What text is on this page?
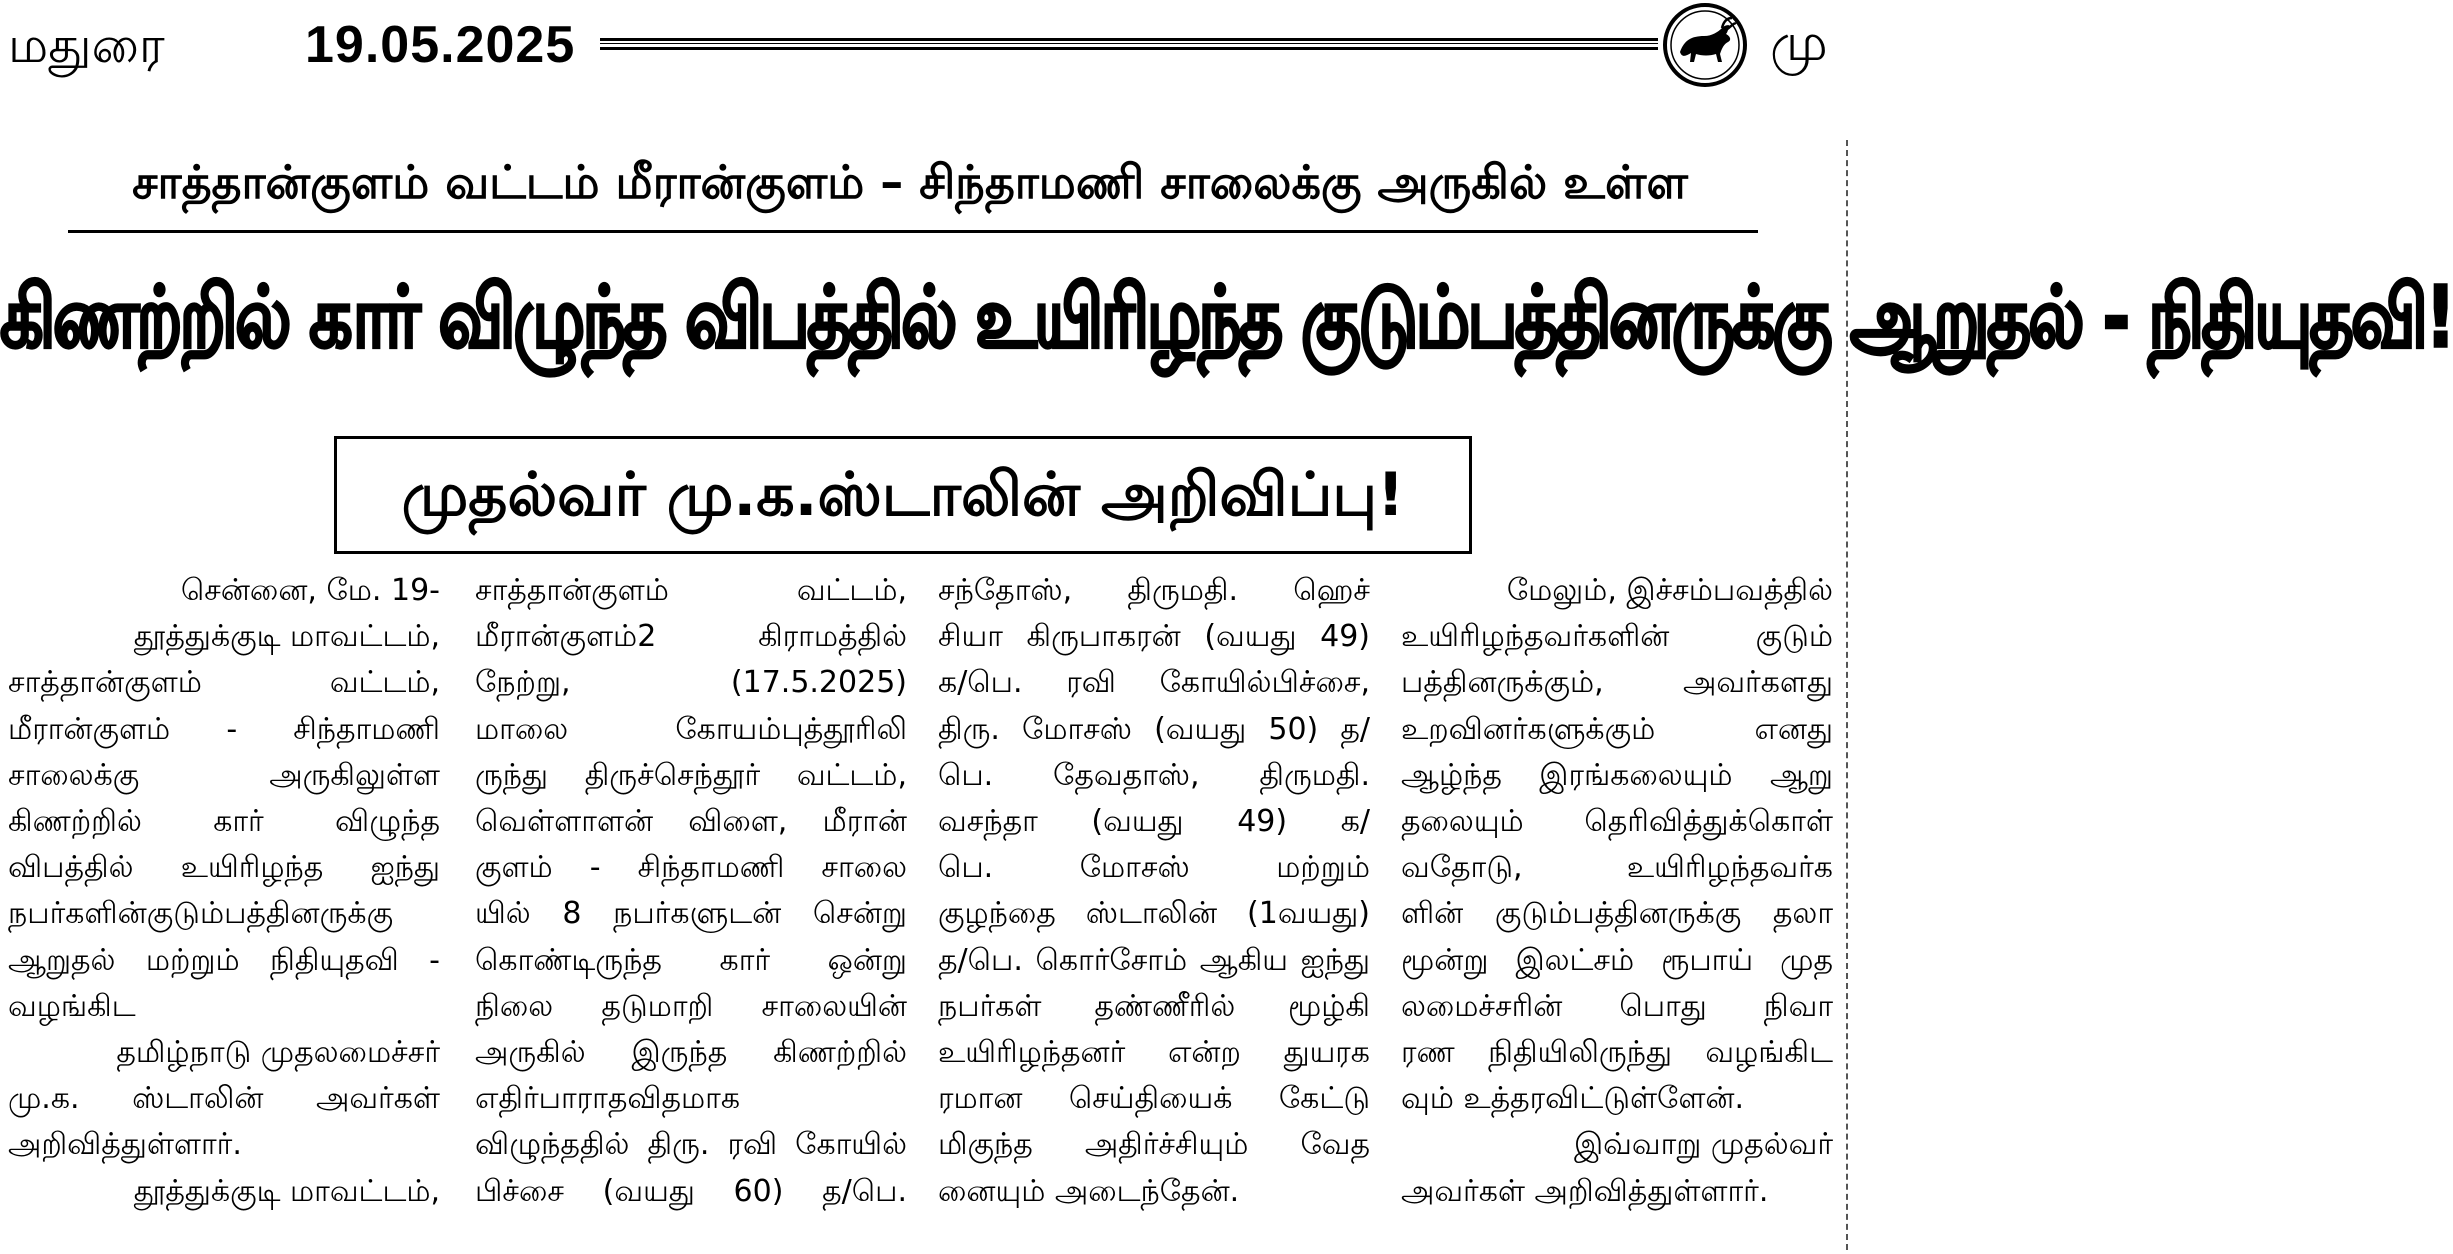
மதுரை	19.05.2025	மு
சாத்தான்குளம் வட்டம் மீரான்குளம் – சிந்தாமணி சாலைக்கு அருகில் உள்ள
கிணற்றில் கார் விழுந்த விபத்தில் உயிரிழந்த குடும்பத்தினருக்கு ஆறுதல் - நிதியுதவி!
முதல்வர் மு.க.ஸ்டாலின் அறிவிப்பு!

சென்னை, மே. 19-

தூத்துக்குடி மாவட்டம்,

சாத்தான்குளம் வட்டம்,

மீரான்குளம் - சிந்தாமணி

சாலைக்கு அருகிலுள்ள

கிணற்றில் கார் விழுந்த

விபத்தில் உயிரிழந்த ஐந்து

நபர்களின்குடும்பத்தினருக்கு

ஆறுதல் மற்றும் நிதியுதவி -

வழங்கிட

தமிழ்நாடு முதலமைச்சர்

மு.க. ஸ்டாலின் அவர்கள்

அறிவித்துள்ளார்.

தூத்துக்குடி மாவட்டம்,

சாத்தான்குளம் வட்டம்,

மீரான்குளம்2 கிராமத்தில்

நேற்று, (17.5.2025)

மாலை கோயம்புத்தூரிலி

ருந்து திருச்செந்தூர் வட்டம்,

வெள்ளாளன் விளை, மீரான்

குளம் - சிந்தாமணி சாலை

யில் 8 நபர்களுடன் சென்று

கொண்டிருந்த கார் ஒன்று

நிலை தடுமாறி சாலையின்

அருகில் இருந்த கிணற்றில்

எதிர்பாராதவிதமாக

விழுந்ததில் திரு. ரவி கோயில்

பிச்சை (வயது 60) த/பெ.

சந்தோஸ், திருமதி. ஹெச்

சியா கிருபாகரன் (வயது 49)

க/பெ. ரவி கோயில்பிச்சை,

திரு. மோசஸ் (வயது 50) த/

பெ. தேவதாஸ், திருமதி.

வசந்தா (வயது 49) க/

பெ. மோசஸ் மற்றும்

குழந்தை ஸ்டாலின் (1வயது)

த/பெ. கொர்சோம் ஆகிய ஐந்து

நபர்கள் தண்ணீரில் மூழ்கி

உயிரிழந்தனர் என்ற துயரக

ரமான செய்தியைக் கேட்டு

மிகுந்த அதிர்ச்சியும் வேத

னையும் அடைந்தேன்.

மேலும், இச்சம்பவத்தில்

உயிரிழந்தவர்களின் குடும்

பத்தினருக்கும், அவர்களது

உறவினர்களுக்கும் எனது

ஆழ்ந்த இரங்கலையும் ஆறு

தலையும் தெரிவித்துக்கொள்

வதோடு, உயிரிழந்தவர்க

ளின் குடும்பத்தினருக்கு தலா

மூன்று இலட்சம் ரூபாய் முத

லமைச்சரின் பொது நிவா

ரண நிதியிலிருந்து வழங்கிட

வும் உத்தரவிட்டுள்ளேன்.

இவ்வாறு முதல்வர்

அவர்கள் அறிவித்துள்ளார்.
